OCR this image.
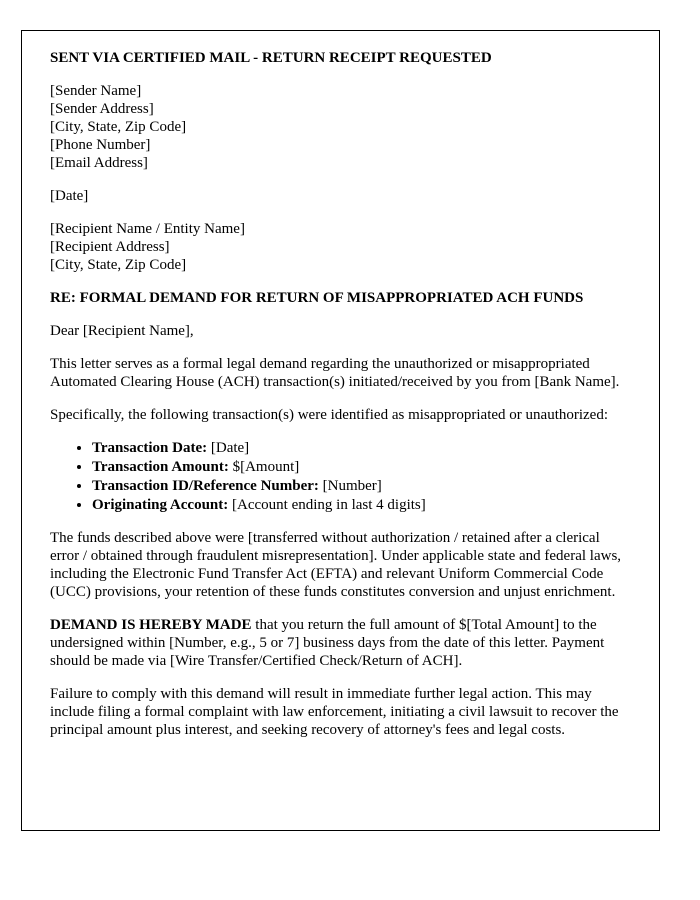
SENT VIA CERTIFIED MAIL - RETURN RECEIPT REQUESTED

[Sender Name]

[Sender Address]

[City, State, Zip Code]

[Phone Number]

[Email Address]

[Date]

[Recipient Name / Entity Name]

[Recipient Address]

[City, State, Zip Code]

RE: FORMAL DEMAND FOR RETURN OF MISAPPROPRIATED ACH FUNDS

Dear [Recipient Name],

This letter serves as a formal legal demand regarding the unauthorized or misappropriated Automated Clearing House (ACH) transaction(s) initiated/received by you from [Bank Name].

Specifically, the following transaction(s) were identified as misappropriated or unauthorized:

• Transaction Date: [Date]
• Transaction Amount: $[Amount]
• Transaction ID/Reference Number: [Number]
• Originating Account: [Account ending in last 4 digits]

The funds described above were [transferred without authorization / retained after a clerical error / obtained through fraudulent misrepresentation]. Under applicable state and federal laws, including the Electronic Fund Transfer Act (EFTA) and relevant Uniform Commercial Code (UCC) provisions, your retention of these funds constitutes conversion and unjust enrichment.

DEMAND IS HEREBY MADE that you return the full amount of $[Total Amount] to the undersigned within [Number, e.g., 5 or 7] business days from the date of this letter. Payment should be made via [Wire Transfer/Certified Check/Return of ACH].

Failure to comply with this demand will result in immediate further legal action. This may include filing a formal complaint with law enforcement, initiating a civil lawsuit to recover the principal amount plus interest, and seeking recovery of attorney's fees and legal costs.
